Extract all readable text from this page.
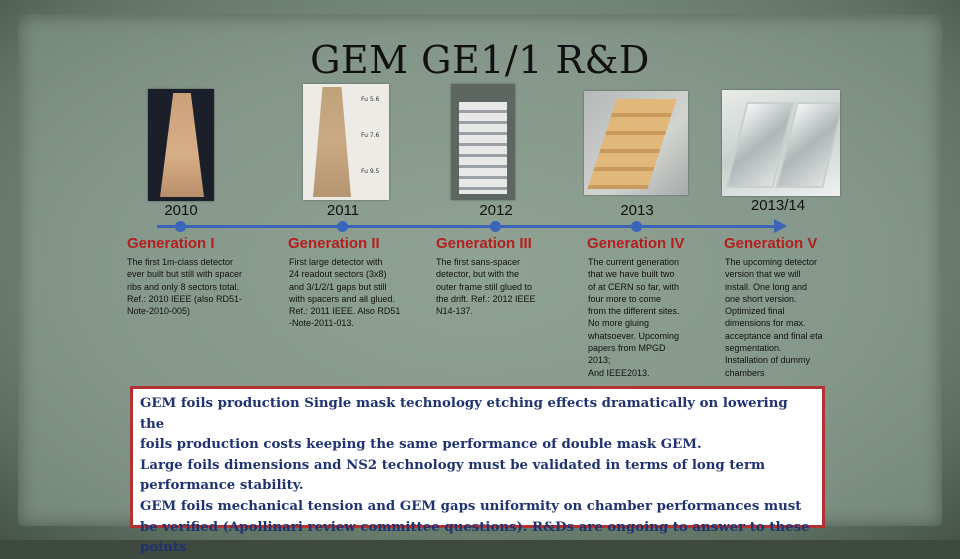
GEM GE1/1 R&D
Fu 5.6
Fu 7.6
Fu 9.5
2010	2011	2012	2013	2013/14
Generation I	Generation II	Generation III	Generation IV	Generation V
The first 1m-class detector
ever built but still with spacer
ribs and only 8 sectors total.
Ref.: 2010 IEEE (also RD51-
Note-2010-005)
First large detector with
24 readout sectors (3x8)
and 3/1/2/1 gaps but still
with spacers and all glued.
Ref.: 2011 IEEE. Also RD51
-Note-2011-013.
The first sans-spacer
detector, but with the
outer frame still glued to
the drift. Ref.: 2012 IEEE
N14-137.
The current generation
that we have built two
of at CERN so far, with
four more to come
from the different sites.
No more gluing
whatsoever. Upcoming
papers from MPGD
2013;
And IEEE2013.
The upcoming detector
version that we will
install. One long and
one short version.
Optimized final
dimensions for max.
acceptance and final eta
segmentation.
Installation of dummy
chambers

GEM foils production Single mask technology etching effects dramatically on lowering the

foils production costs keeping the same performance of double mask GEM.

Large foils dimensions and NS2 technology must be validated in terms of long term

performance stability.

GEM foils mechanical tension and GEM gaps uniformity on chamber performances must

be verified (Apollinari review committee questions). R&Ds are ongoing to answer to these

points
